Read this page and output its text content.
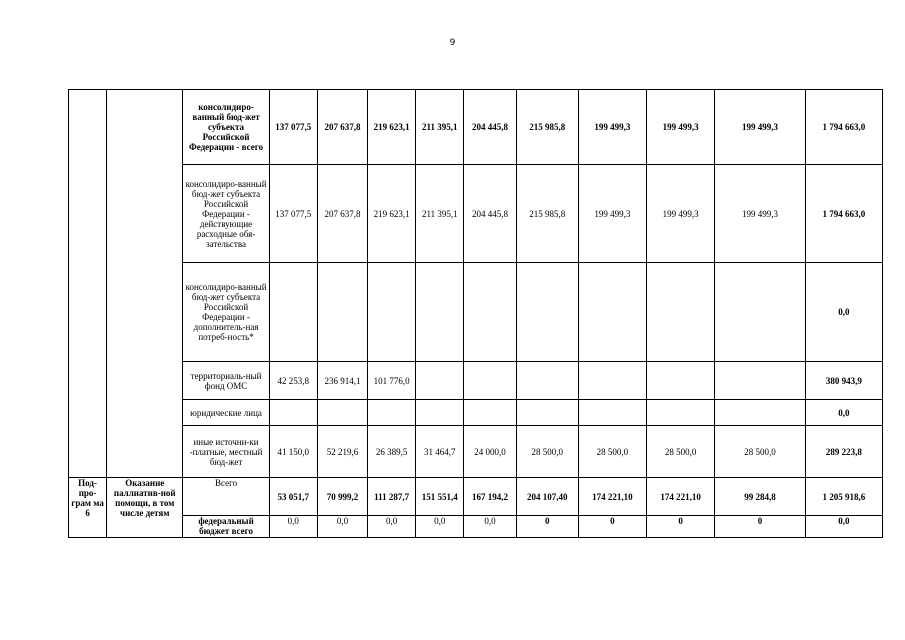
9
		консолидиро-ванный бюд-жет субъекта Российской Федерации - всего	137 077,5	207 637,8	219 623,1	211 395,1	204 445,8	215 985,8	199 499,3	199 499,3	199 499,3	1 794 663,0
		консолидиро-ванный бюд-жет субъекта Российской Федерации - действующие расходные обя-зательства	137 077,5	207 637,8	219 623,1	211 395,1	204 445,8	215 985,8	199 499,3	199 499,3	199 499,3	1 794 663,0
		консолидиро-ванный бюд-жет субъекта Российской Федерации - дополнитель-ная потреб-ность*										0,0
		территориаль-ный фонд ОМС	42 253,8	236 914,1	101 776,0							380 943,9
		юридические лица										0,0
		иные источни-ки -платные, местный бюд-жет	41 150,0	52 219,6	26 389,5	31 464,7	24 000,0	28 500,0	28 500,0	28 500,0	28 500,0	289 223,8
Под-про-грам ма 6	Оказание паллиатив-ной помощи, в том числе детям	Всего	53 051,7	70 999,2	111 287,7	151 551,4	167 194,2	204 107,40	174 221,10	174 221,10	99 284,8	1 205 918,6
		федеральный бюджет всего	0,0	0,0	0,0	0,0	0,0	0	0	0	0	0,0
